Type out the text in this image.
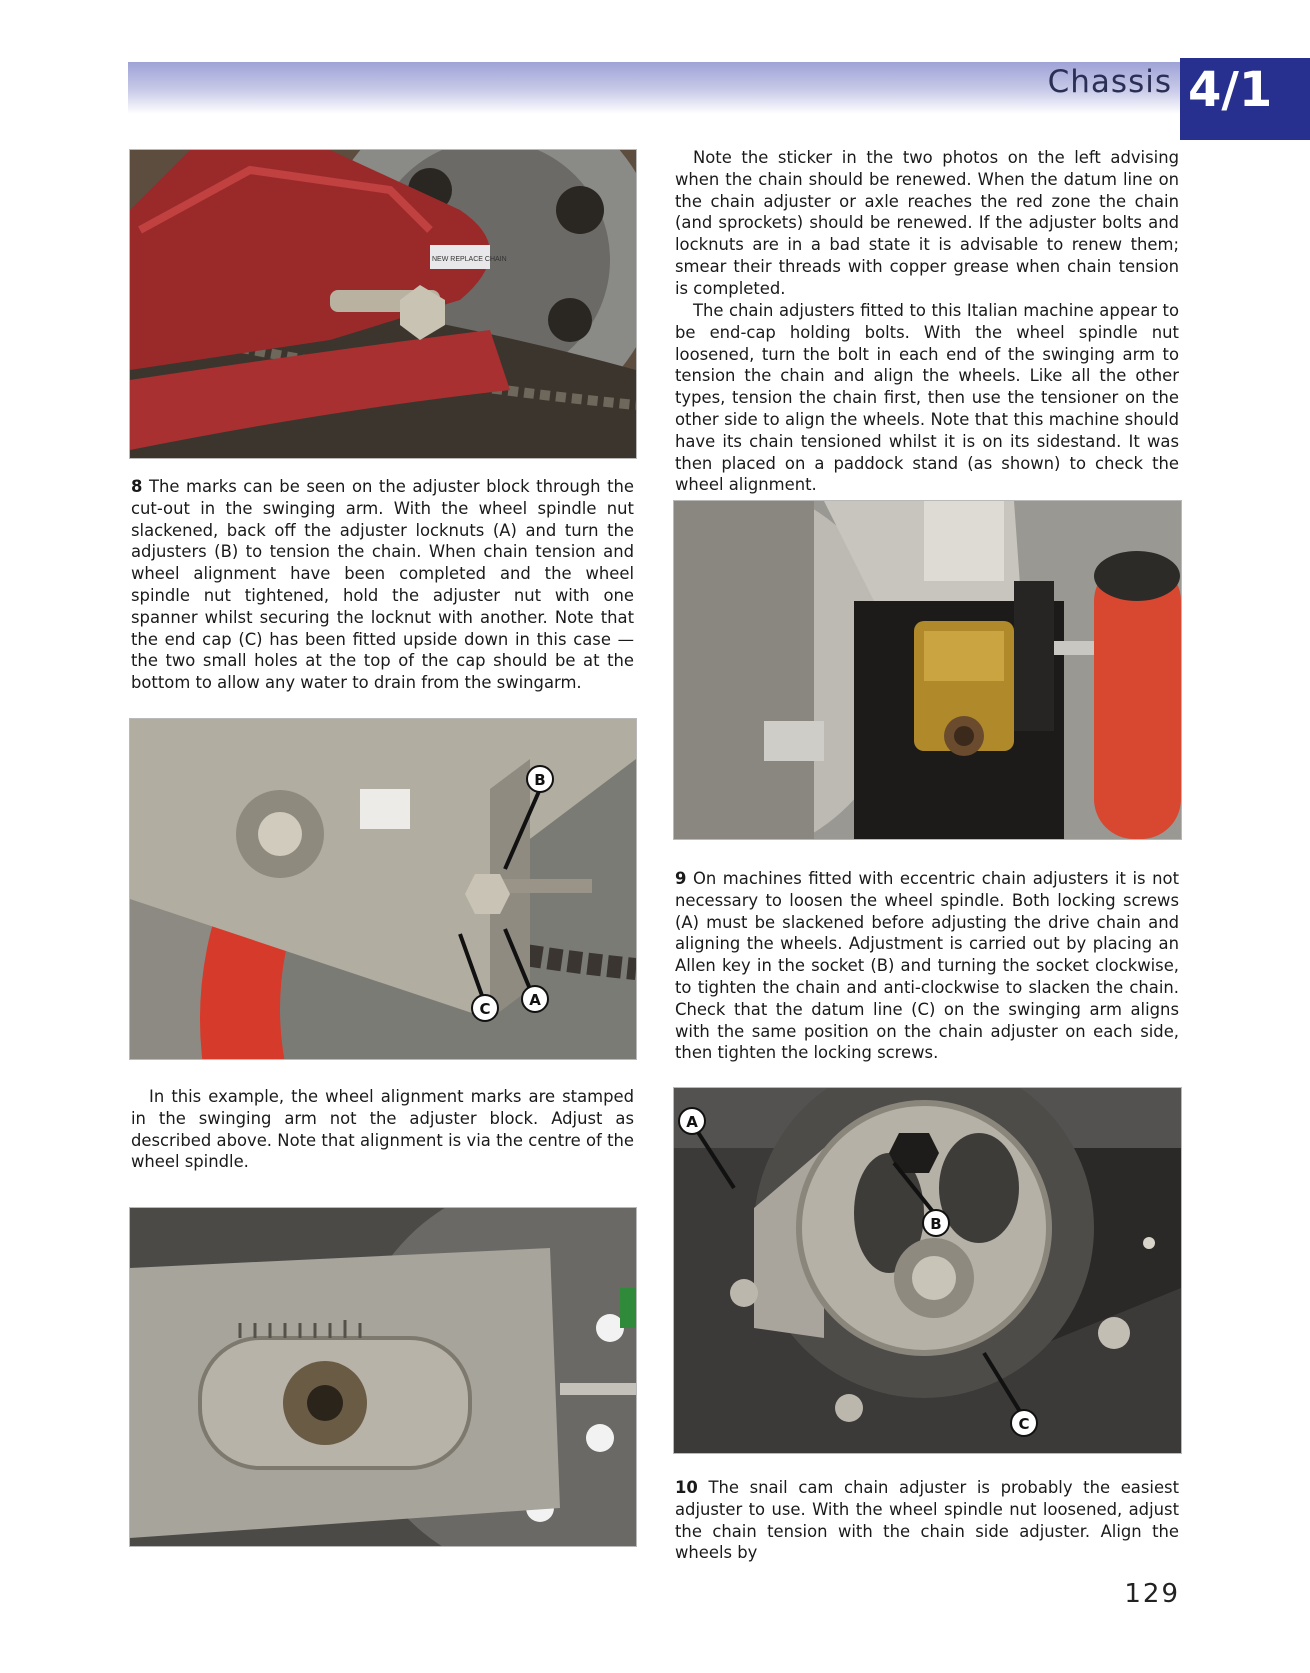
Chassis 4/1
NEW REPLACE CHAIN

8 The marks can be seen on the adjuster block through the cut-out in the swinging arm. With the wheel spindle nut slackened, back off the adjuster locknuts (A) and turn the adjusters (B) to tension the chain. When chain tension and wheel alignment have been completed and the wheel spindle nut tightened, hold the adjuster nut with one spanner whilst securing the locknut with another. Note that the end cap (C) has been fitted upside down in this case — the two small holes at the top of the cap should be at the bottom to allow any water to drain from the swingarm.

B
C	A

In this example, the wheel alignment marks are stamped in the swinging arm not the adjuster block. Adjust as described above. Note that alignment is via the centre of the wheel spindle.

Note the sticker in the two photos on the left advising when the chain should be renewed. When the datum line on the chain adjuster or axle reaches the red zone the chain (and sprockets) should be renewed. If the adjuster bolts and locknuts are in a bad state it is advisable to renew them; smear their threads with copper grease when chain tension is completed.

The chain adjusters fitted to this Italian machine appear to be end-cap holding bolts. With the wheel spindle nut loosened, turn the bolt in each end of the swinging arm to tension the chain and align the wheels. Like all the other types, tension the chain first, then use the tensioner on the other side to align the wheels. Note that this machine should have its chain tensioned whilst it is on its sidestand. It was then placed on a paddock stand (as shown) to check the wheel alignment.

9 On machines fitted with eccentric chain adjusters it is not necessary to loosen the wheel spindle. Both locking screws (A) must be slackened before adjusting the drive chain and aligning the wheels. Adjustment is carried out by placing an Allen key in the socket (B) and turning the socket clockwise, to tighten the chain and anti-clockwise to slacken the chain. Check that the datum line (C) on the swinging arm aligns with the same position on the chain adjuster on each side, then tighten the locking screws.

A
B
C

10 The snail cam chain adjuster is probably the easiest adjuster to use. With the wheel spindle nut loosened, adjust the chain tension with the chain side adjuster. Align the wheels by

129
